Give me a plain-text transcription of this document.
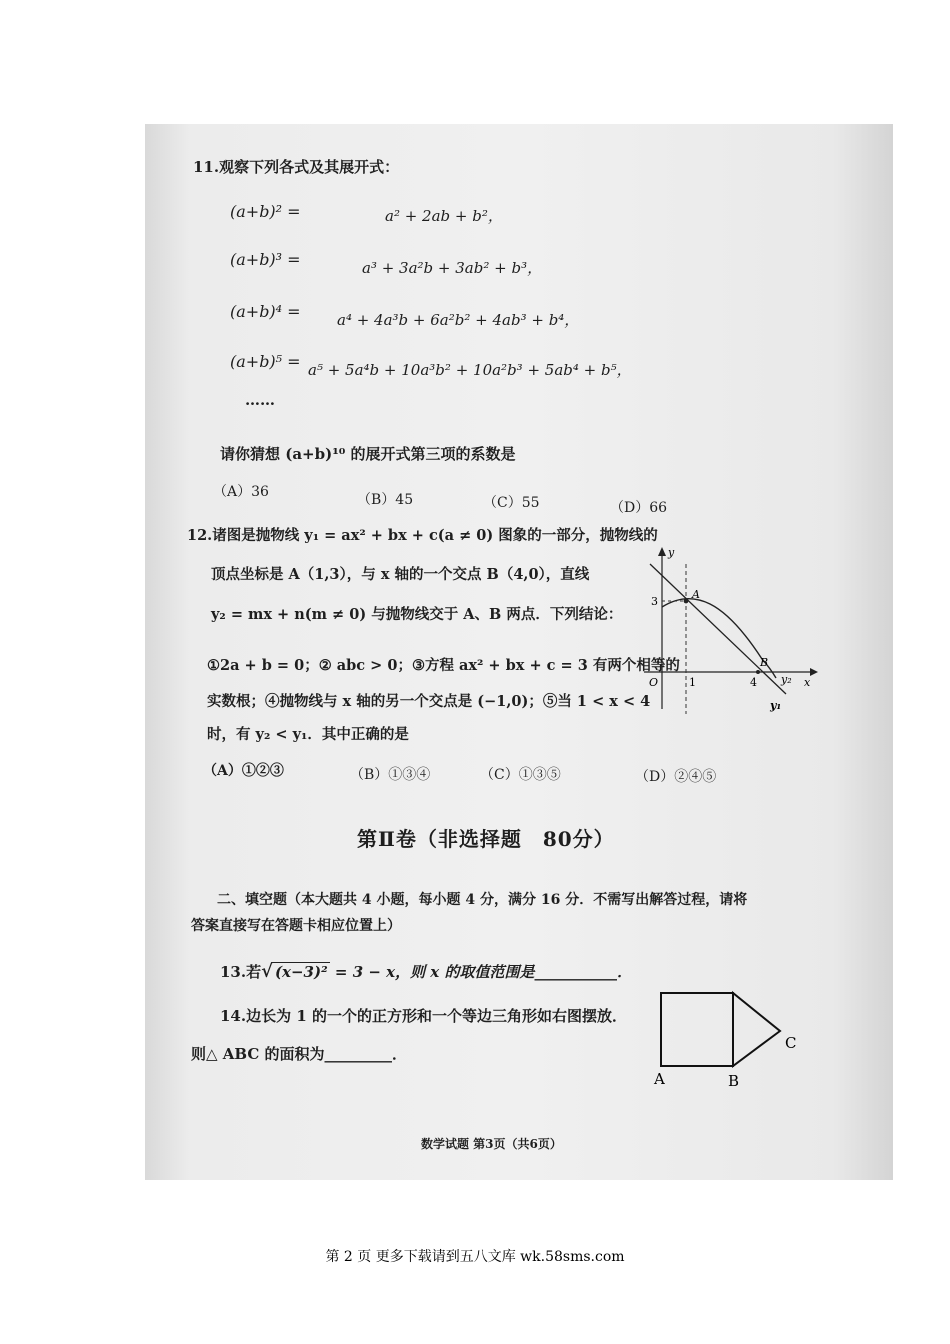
11.观察下列各式及其展开式：
(a+b)² =	a² + 2ab + b²，
(a+b)³ =	a³ + 3a²b + 3ab² + b³，
(a+b)⁴ = a⁴ + 4a³b + 6a²b² + 4ab³ + b⁴，
(a+b)⁵ = a⁵ + 5a⁴b + 10a³b² + 10a²b³ + 5ab⁴ + b⁵，
……
请你猜想 (a+b)¹⁰ 的展开式第三项的系数是
（A）36	（B）45	（C）55	（D）66
12.诸图是抛物线 y₁ = ax² + bx + c(a ≠ 0) 图象的一部分，抛物线的
顶点坐标是 A（1,3），与 x 轴的一个交点 B（4,0），直线
y₂ = mx + n(m ≠ 0) 与抛物线交于 A、B 两点．下列结论：
①2a + b = 0；② abc > 0；③方程 ax² + bx + c = 3 有两个相等的
实数根；④抛物线与 x 轴的另一个交点是 (−1,0)；⑤当 1 < x < 4
时，有 y₂ < y₁．其中正确的是
（A）①②③	（B）①③④	（C）①③⑤	（D）②④⑤
y
x
O
3
1	4
A
B
y₂
y₁
第Ⅱ卷（非选择题　80分）
二、填空题（本大题共 4 小题，每小题 4 分，满分 16 分．不需写出解答过程，请将
答案直接写在答题卡相应位置上）
13.若√ (x−3)² = 3 − x，则 x 的取值范围是___________．
14.边长为 1 的一个的正方形和一个等边三角形如右图摆放．
则△ ABC 的面积为_________．
A	B
C
数学试题 第3页（共6页）
第 2 页 更多下载请到五八文库 wk.58sms.com
